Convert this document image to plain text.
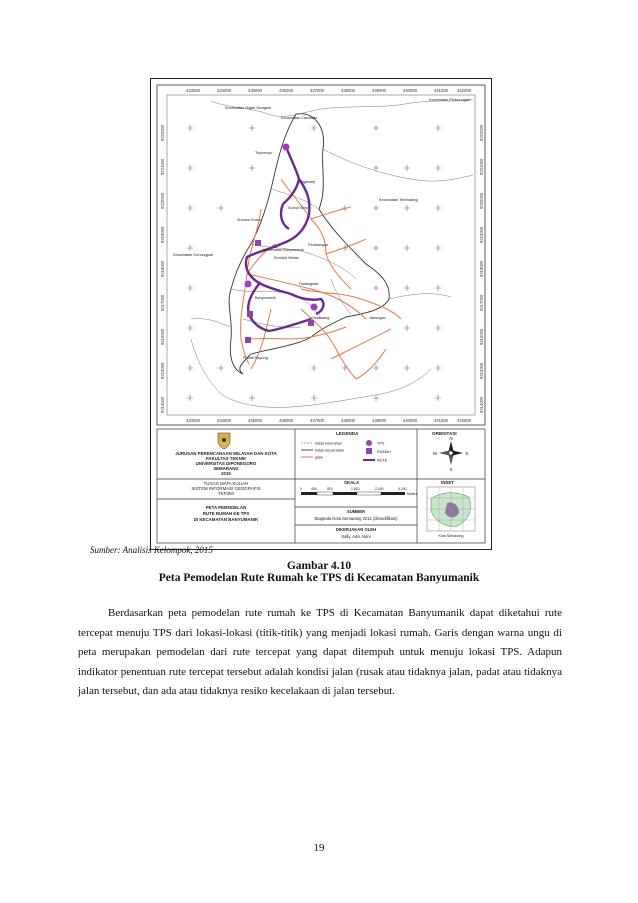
433000	434000	435000	436000	437000	438000	439000	440000	441000 442000
433000	434000	435000	436000	437000	438000	439000	440000	441000 442000
9222000
9221000
9220000
9219000
9218000
9217000
9216000
9215000
9214000
9222000
9221000
9220000
9219000
9218000
9217000
9216000
9215000
9214000
Kecamatan Gajah Mungkur
Kecamatan Candisari
Kecamatan Pedurungan
Tinjomoyo
Ngesrep
Kecamatan Tembalang
Srondol Kulon
Sumur Boto
Kecamatan Gunungpati
Kecamatan Banyumanik
Srondol Wetan
Pedalangan
Banyumanik
Padangsari
Gedawang	Jabungan
Pudak Payung
JURUSAN PERENCANAAN WILAYAH DAN KOTA
FAKULTAS TEKNIK
UNIVERSITAS DIPONEGORO
SEMARANG
2015
TUGAS MATA KULIAH
SISTEM INFORMASI GEOGRAFIS
TKP350
PETA PEMODELAN
RUTE RUMAH KE TPS
DI KECAMATAN BANYUMANIK
LEGENDA
batas kelurahan
batas kecamatan
jalan
TPS
RUMAH
RUTE
ORIENTASI
N
S
E
W
SKALA
0	405	810	1.620	2.430	3.240
Meters
SUMBER
Bappeda Kota Semarang 2011 (dimodifikasi)
DIKERJAKAN OLEH
Sally, Ada, Noni
INSET
Kota Semarang
Sumber: Analisis Kelompok, 2015
Gambar 4.10
Peta Pemodelan Rute Rumah ke TPS di Kecamatan Banyumanik

Berdasarkan peta pemodelan rute rumah ke TPS di Kecamatan Banyumanik dapat diketahui rute tercepat menuju TPS dari lokasi-lokasi (titik-titik) yang menjadi lokasi rumah. Garis dengan warna ungu di peta merupakan pemodelan dari rute tercepat yang dapat ditempuh untuk menuju lokasi TPS. Adapun indikator penentuan rute tercepat tersebut adalah kondisi jalan (rusak atau tidaknya jalan, padat atau tidaknya jalan tersebut, dan ada atau tidaknya resiko kecelakaan di jalan tersebut.

19
